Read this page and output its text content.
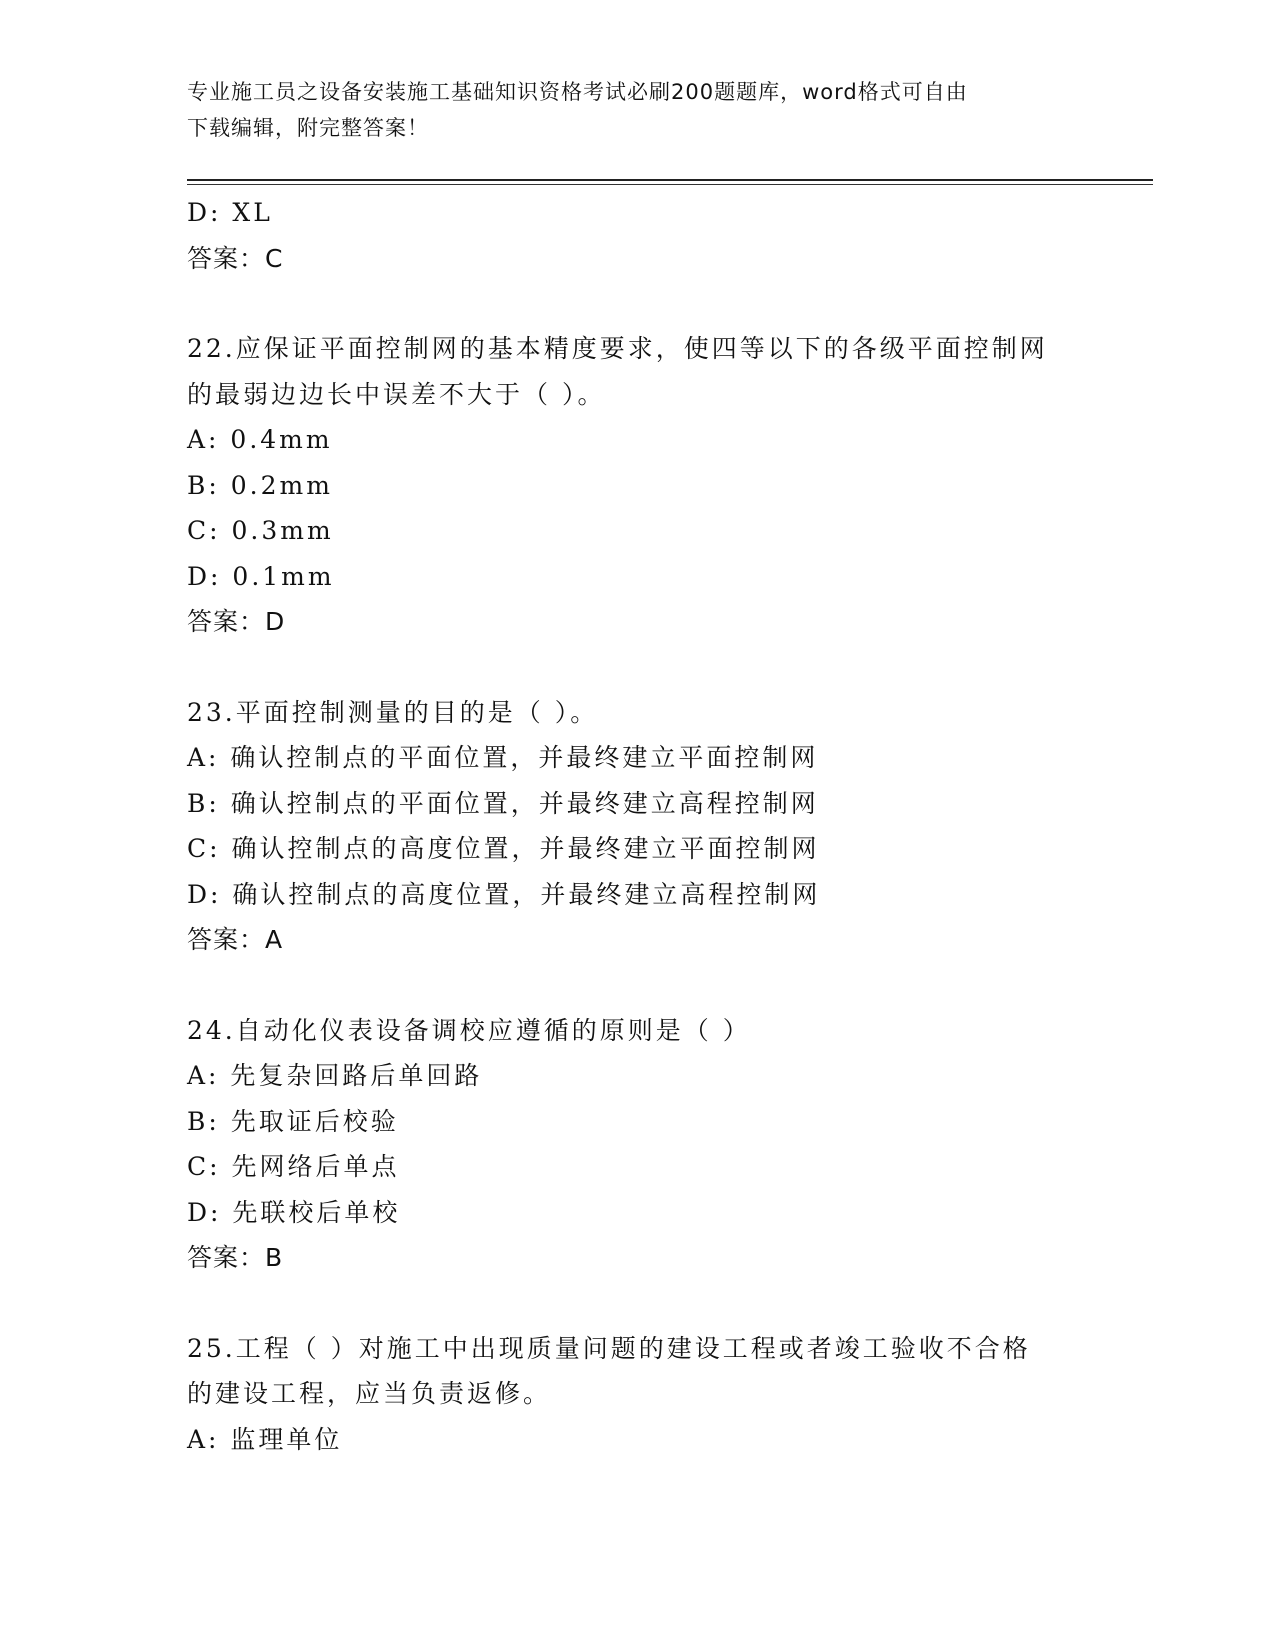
专业施工员之设备安装施工基础知识资格考试必刷200题题库，word格式可自由
下载编辑，附完整答案！
D: XL
答案：C
22.应保证平面控制网的基本精度要求，使四等以下的各级平面控制网
的最弱边边长中误差不大于（ ）。
A: 0.4mm
B: 0.2mm
C: 0.3mm
D: 0.1mm
答案：D
23.平面控制测量的目的是（ ）。
A: 确认控制点的平面位置，并最终建立平面控制网
B: 确认控制点的平面位置，并最终建立高程控制网
C: 确认控制点的高度位置，并最终建立平面控制网
D: 确认控制点的高度位置，并最终建立高程控制网
答案：A
24.自动化仪表设备调校应遵循的原则是（ ）
A: 先复杂回路后单回路
B: 先取证后校验
C: 先网络后单点
D: 先联校后单校
答案：B
25.工程（ ）对施工中出现质量问题的建设工程或者竣工验收不合格
的建设工程，应当负责返修。
A: 监理单位
